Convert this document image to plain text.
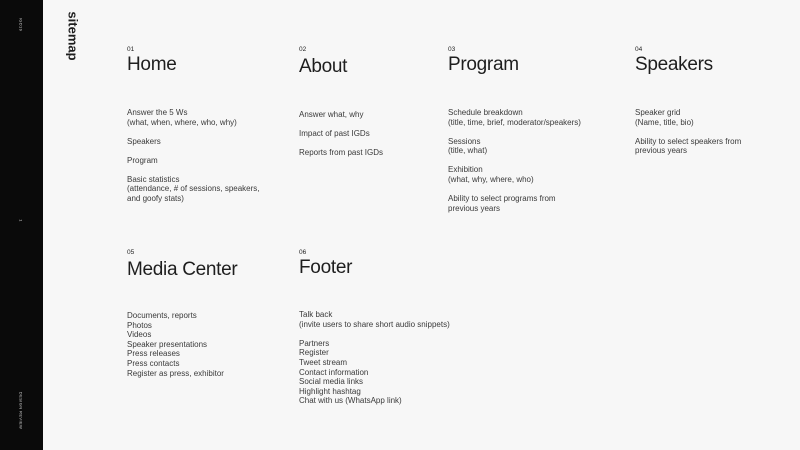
IGD19
1
DESIGN REVIEW
sitemap	01
Home
Answer the 5 Ws
(what, when, where, who, why)
Speakers
Program
Basic statistics
(attendance, # of sessions, speakers,
and goofy stats)
02
About
Answer what, why
Impact of past IGDs
Reports from past IGDs
03
Program
Schedule breakdown
(title, time, brief, moderator/speakers)
Sessions
(title, what)
Exhibition
(what, why, where, who)
Ability to select programs from
previous years
04
Speakers
Speaker grid
(Name, title, bio)
Ability to select speakers from
previous years
05
Media Center
Documents, reports
Photos
Videos
Speaker presentations
Press releases
Press contacts
Register as press, exhibitor
06
Footer
Talk back
(invite users to share short audio snippets)
Partners
Register
Tweet stream
Contact information
Social media links
Highlight hashtag
Chat with us (WhatsApp link)
